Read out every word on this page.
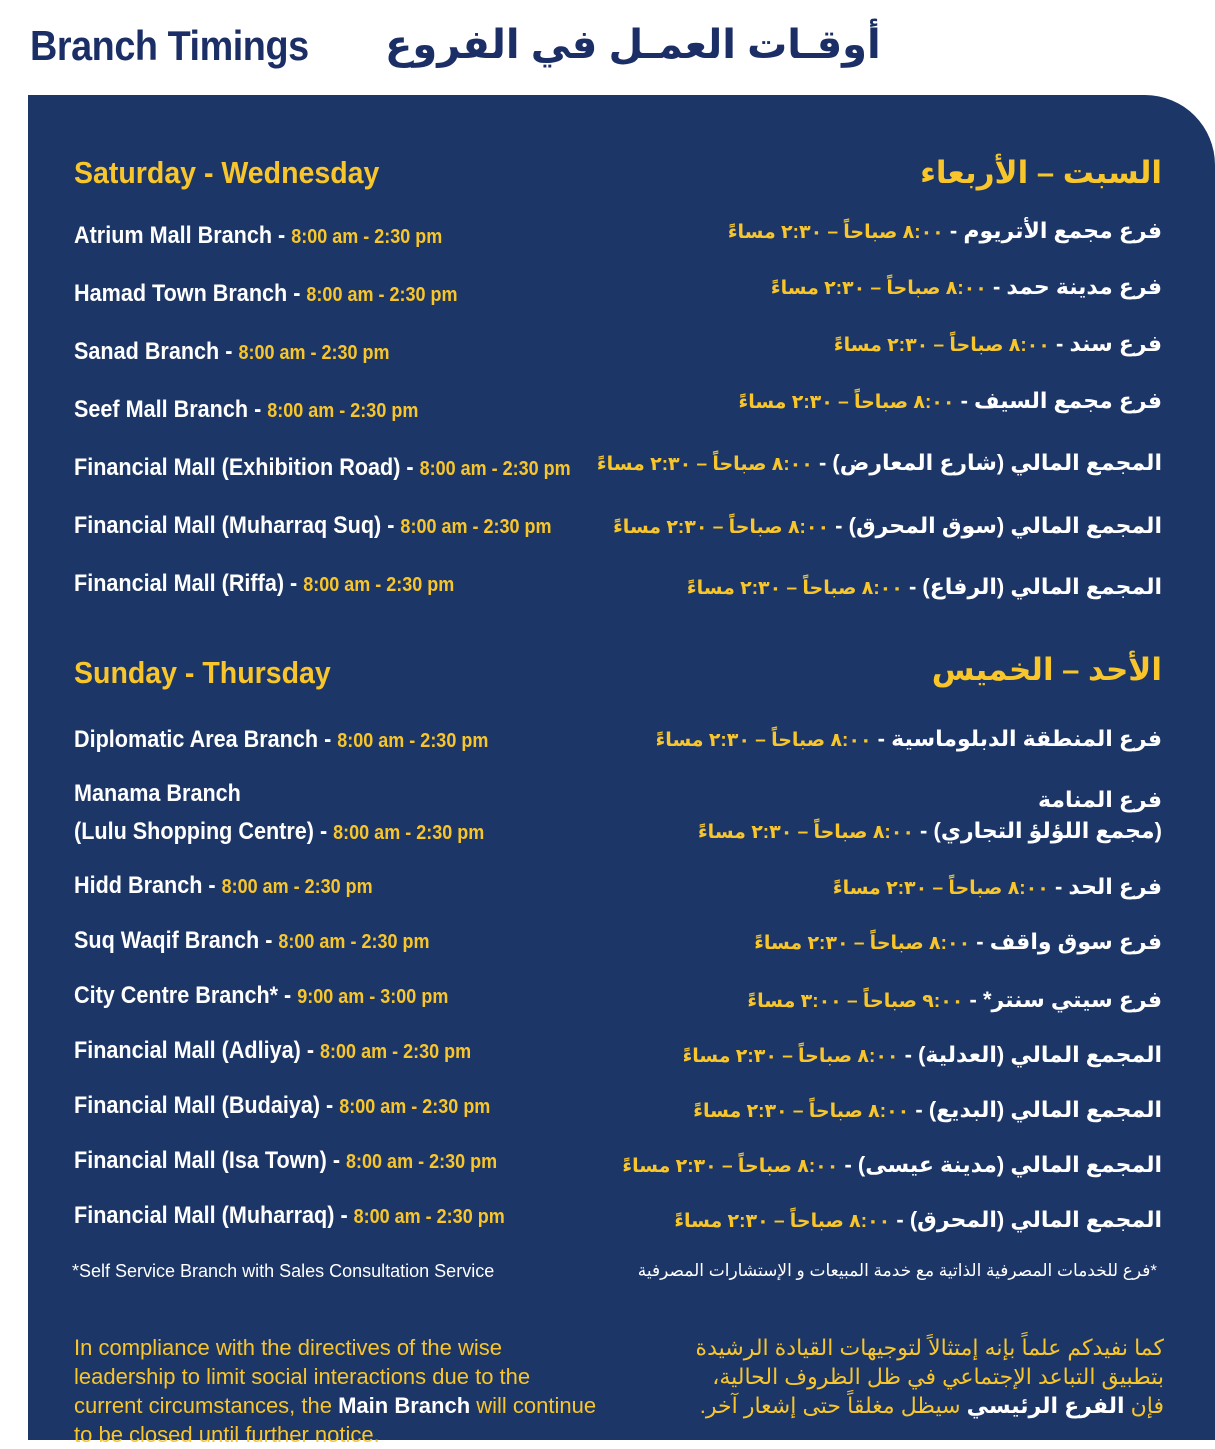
Branch Timings أوقـات العمـل في الفروع
Saturday - Wednesday	السبت – الأربعاء
Atrium Mall Branch - 8:00 am - 2:30 pm	فرع مجمع الأتريوم - ٨:٠٠ صباحاً – ٢:٣٠ مساءً
Hamad Town Branch - 8:00 am - 2:30 pm	فرع مدينة حمد - ٨:٠٠ صباحاً – ٢:٣٠ مساءً
Sanad Branch - 8:00 am - 2:30 pm	فرع سند - ٨:٠٠ صباحاً – ٢:٣٠ مساءً
Seef Mall Branch - 8:00 am - 2:30 pm	فرع مجمع السيف - ٨:٠٠ صباحاً – ٢:٣٠ مساءً
Financial Mall (Exhibition Road) - 8:00 am - 2:30 pm	المجمع المالي (شارع المعارض) - ٨:٠٠ صباحاً – ٢:٣٠ مساءً
Financial Mall (Muharraq Suq) - 8:00 am - 2:30 pm	المجمع المالي (سوق المحرق) - ٨:٠٠ صباحاً – ٢:٣٠ مساءً
Financial Mall (Riffa) - 8:00 am - 2:30 pm	المجمع المالي (الرفاع) - ٨:٠٠ صباحاً – ٢:٣٠ مساءً
Sunday - Thursday	الأحد – الخميس
Diplomatic Area Branch - 8:00 am - 2:30 pm	فرع المنطقة الدبلوماسية - ٨:٠٠ صباحاً – ٢:٣٠ مساءً
Manama Branch
(Lulu Shopping Centre) - 8:00 am - 2:30 pm
فرع المنامة
(مجمع اللؤلؤ التجاري) - ٨:٠٠ صباحاً – ٢:٣٠ مساءً
Hidd Branch - 8:00 am - 2:30 pm	فرع الحد - ٨:٠٠ صباحاً – ٢:٣٠ مساءً
Suq Waqif Branch - 8:00 am - 2:30 pm	فرع سوق واقف - ٨:٠٠ صباحاً – ٢:٣٠ مساءً
City Centre Branch* - 9:00 am - 3:00 pm	فرع سيتي سنتر* - ٩:٠٠ صباحاً – ٣:٠٠ مساءً
Financial Mall (Adliya) - 8:00 am - 2:30 pm	المجمع المالي (العدلية) - ٨:٠٠ صباحاً – ٢:٣٠ مساءً
Financial Mall (Budaiya) - 8:00 am - 2:30 pm	المجمع المالي (البديع) - ٨:٠٠ صباحاً – ٢:٣٠ مساءً
Financial Mall (Isa Town) - 8:00 am - 2:30 pm	المجمع المالي (مدينة عيسى) - ٨:٠٠ صباحاً – ٢:٣٠ مساءً
Financial Mall (Muharraq) - 8:00 am - 2:30 pm	المجمع المالي (المحرق) - ٨:٠٠ صباحاً – ٢:٣٠ مساءً
*Self Service Branch with Sales Consultation Service	*فرع للخدمات المصرفية الذاتية مع خدمة المبيعات و الإستشارات المصرفية
In compliance with the directives of the wise leadership to limit social interactions due to the current circumstances, the Main Branch will continue to be closed until further notice.
كما نفيدكم علماً بإنه إمتثالاً لتوجيهات القيادة الرشيدة بتطبيق التباعد الإجتماعي في ظل الظروف الحالية، فإن الفرع الرئيسي سيظل مغلقاً حتى إشعار آخر.
